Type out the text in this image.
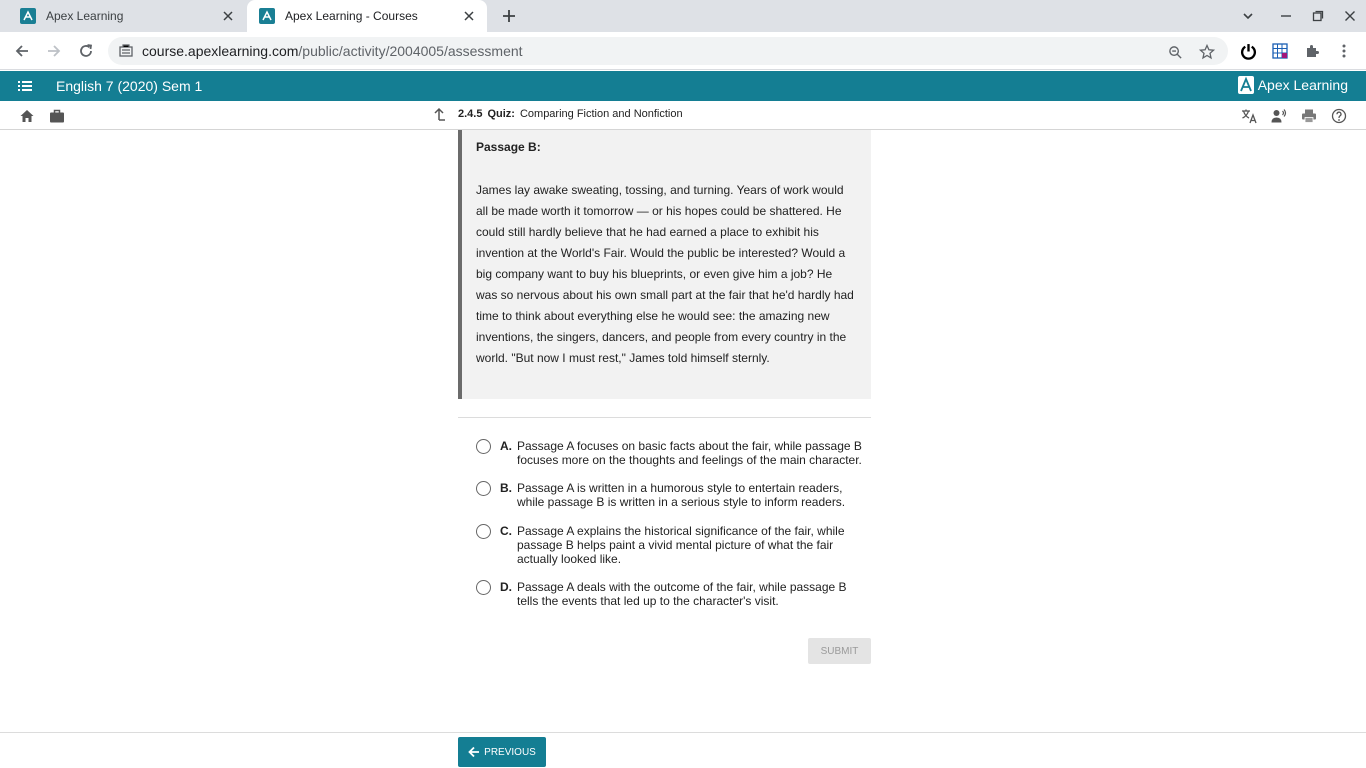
Apex Learning	Apex Learning - Courses
course.apexlearning.com/public/activity/2004005/assessment
English 7 (2020) Sem 1	Apex Learning
2.4.5 Quiz: Comparing Fiction and Nonfiction
Passage B:
James lay awake sweating, tossing, and turning. Years of work would all be made worth it tomorrow — or his hopes could be shattered. He could still hardly believe that he had earned a place to exhibit his invention at the World's Fair. Would the public be interested? Would a big company want to buy his blueprints, or even give him a job? He was so nervous about his own small part at the fair that he'd hardly had time to think about everything else he would see: the amazing new inventions, the singers, dancers, and people from every country in the world. "But now I must rest," James told himself sternly.
A. Passage A focuses on basic facts about the fair, while passage B focuses more on the thoughts and feelings of the main character.
B. Passage A is written in a humorous style to entertain readers, while passage B is written in a serious style to inform readers.
C. Passage A explains the historical significance of the fair, while passage B helps paint a vivid mental picture of what the fair actually looked like.
D. Passage A deals with the outcome of the fair, while passage B tells the events that led up to the character's visit.
SUBMIT
PREVIOUS
